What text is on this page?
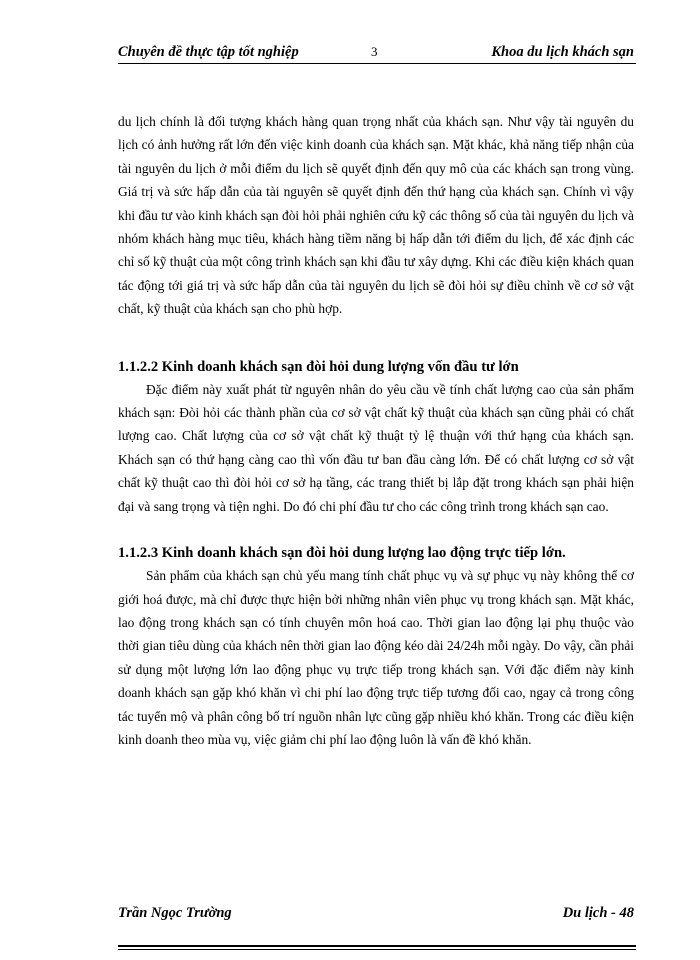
Chuyên đề thực tập tốt nghiệp	3	Khoa du lịch khách sạn

du lịch chính là đối tượng khách hàng quan trọng nhất của khách sạn. Như vậy tài nguyên du lịch có ảnh hưởng rất lớn đến việc kinh doanh của khách sạn. Mặt khác, khả năng tiếp nhận của tài nguyên du lịch ở mỗi điểm du lịch sẽ quyết định đến quy mô của các khách sạn trong vùng. Giá trị và sức hấp dẫn của tài nguyên sẽ quyết định đến thứ hạng của khách sạn. Chính vì vậy khi đầu tư vào kinh khách sạn đòi hỏi phải nghiên cứu kỹ các thông số của tài nguyên du lịch và nhóm khách hàng mục tiêu, khách hàng tiềm năng bị hấp dẫn tới điểm du lịch, để xác định các chỉ số kỹ thuật của một công trình khách sạn khi đầu tư xây dựng. Khi các điều kiện khách quan tác động tới giá trị và sức hấp dẫn của tài nguyên du lịch sẽ đòi hỏi sự điều chỉnh về cơ sở vật chất, kỹ thuật của khách sạn cho phù hợp.

1.1.2.2 Kinh doanh khách sạn đòi hỏi dung lượng vốn đầu tư lớn

Đặc điểm này xuất phát từ nguyên nhân do yêu cầu về tính chất lượng cao của sản phẩm khách sạn: Đòi hỏi các thành phần của cơ sở vật chất kỹ thuật của khách sạn cũng phải có chất lượng cao. Chất lượng của cơ sở vật chất kỹ thuật tỷ lệ thuận với thứ hạng của khách sạn. Khách sạn có thứ hạng càng cao thì vốn đầu tư ban đầu càng lớn. Để có chất lượng cơ sở vật chất kỹ thuật cao thì đòi hỏi cơ sở hạ tầng, các trang thiết bị lắp đặt trong khách sạn phải hiện đại và sang trọng và tiện nghi. Do đó chi phí đầu tư cho các công trình trong khách sạn cao.

1.1.2.3 Kinh doanh khách sạn đòi hỏi dung lượng lao động trực tiếp lớn.

Sản phẩm của khách sạn chủ yếu mang tính chất phục vụ và sự phục vụ này không thể cơ giới hoá được, mà chỉ được thực hiện bởi những nhân viên phục vụ trong khách sạn. Mặt khác, lao động trong khách sạn có tính chuyên môn hoá cao. Thời gian lao động lại phụ thuộc vào thời gian tiêu dùng của khách nên thời gian lao động kéo dài 24/24h mỗi ngày. Do vậy, cần phải sử dụng một lượng lớn lao động phục vụ trực tiếp trong khách sạn. Với đặc điểm này kinh doanh khách sạn gặp khó khăn vì chi phí lao động trực tiếp tương đối cao, ngay cả trong công tác tuyển mộ và phân công bố trí nguồn nhân lực cũng gặp nhiều khó khăn. Trong các điều kiện kinh doanh theo mùa vụ, việc giảm chi phí lao động luôn là vấn đề khó khăn.

Trần Ngọc Trường	Du lịch - 48
